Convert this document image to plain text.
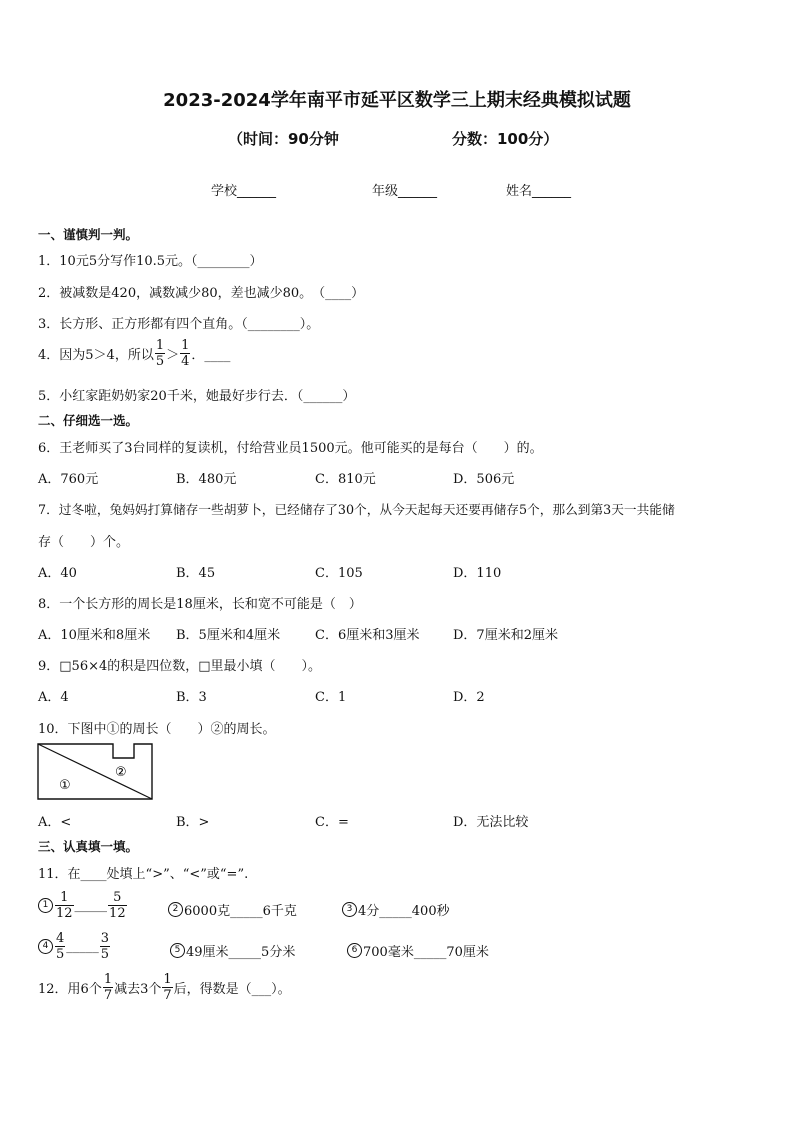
2023-2024学年南平市延平区数学三上期末经典模拟试题
（时间：90分钟	分数：100分）
学校______	年级______	姓名______
一、谨慎判一判。
1．10元5分写作10.5元。（________）
2．被减数是420，减数减少80，差也减少80。　（____）
3．长方形、正方形都有四个直角。（________）。
4．因为5＞4，所以 $\frac{1}{5} > \frac{1}{4}$ ．____
5．小红家距奶奶家20千米，她最好步行去．（______）
二、仔细选一选。
6．王老师买了3台同样的复读机，付给营业员1500元。他可能买的是每台（　　）的。
A．760元	B．480元	C．810元	D．506元
7．过冬啦，兔妈妈打算储存一些胡萝卜，已经储存了30个，从今天起每天还要再储存5个，那么到第3天一共能储
存（　　）个。
A．40	B．45	C．105	D．110
8．一个长方形的周长是18厘米，长和宽不可能是（　）
A．10厘米和8厘米 B．5厘米和4厘米	C．6厘米和3厘米	D．7厘米和2厘米
9．□56×4的积是四位数，□里最小填（　　）。
A．4	B．3	C．1	D．2
10．下图中①的周长（　　）②的周长。
①
②
A．<	B．>	C．=	D．无法比较
三、认真填一填。
11．在____处填上“>”、“<”或“=”.
$1 \frac{1}{12}$ _____ $\frac{5}{12}$	2 6000克_____6千克	3 4分_____400秒
$4 \frac{4}{5}$ _____ $\frac{3}{5}$	5 49厘米_____5分米	6 700毫米_____70厘米
12．用6个 $\frac{1}{7}$ 减去3个 $\frac{1}{7}$ 后，得数是（___）。
